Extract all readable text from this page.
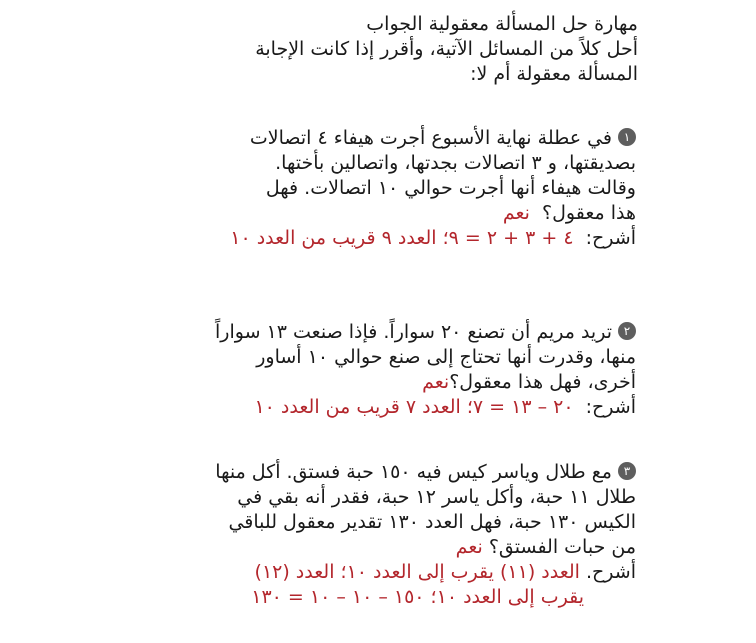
مهارة حل المسألة معقولية الجواب
أحل كلاً من المسائل الآتية، وأقرر إذا كانت الإجابة
المسألة معقولة أم لا:
١في عطلة نهاية الأسبوع أجرت هيفاء ٤ اتصالات
بصديقتها، و ٣ اتصالات بجدتها، واتصالين بأختها.
وقالت هيفاء أنها أجرت حوالي ١٠ اتصالات. فهل
هذا معقول؟  نعم
أشرح:  ٤ + ٣ + ٢ = ٩؛ العدد ٩ قريب من العدد ١٠
٢تريد مريم أن تصنع ٢٠ سواراً. فإذا صنعت ١٣ سواراً
منها، وقدرت أنها تحتاج إلى صنع حوالي ١٠ أساور
أخرى، فهل هذا معقول؟نعم
أشرح:  ٢٠ – ١٣ = ٧؛ العدد ٧ قريب من العدد ١٠
٣مع طلال وياسر كيس فيه ١٥٠ حبة فستق. أكل منها
طلال ١١ حبة، وأكل ياسر ١٢ حبة، فقدر أنه بقي في
الكيس ١٣٠ حبة، فهل العدد ١٣٠ تقدير معقول للباقي
من حبات الفستق؟ نعم
أشرح. العدد (١١) يقرب إلى العدد ١٠؛ العدد (١٢)
يقرب إلى العدد ١٠؛ ١٥٠ – ١٠ – ١٠ = ١٣٠
